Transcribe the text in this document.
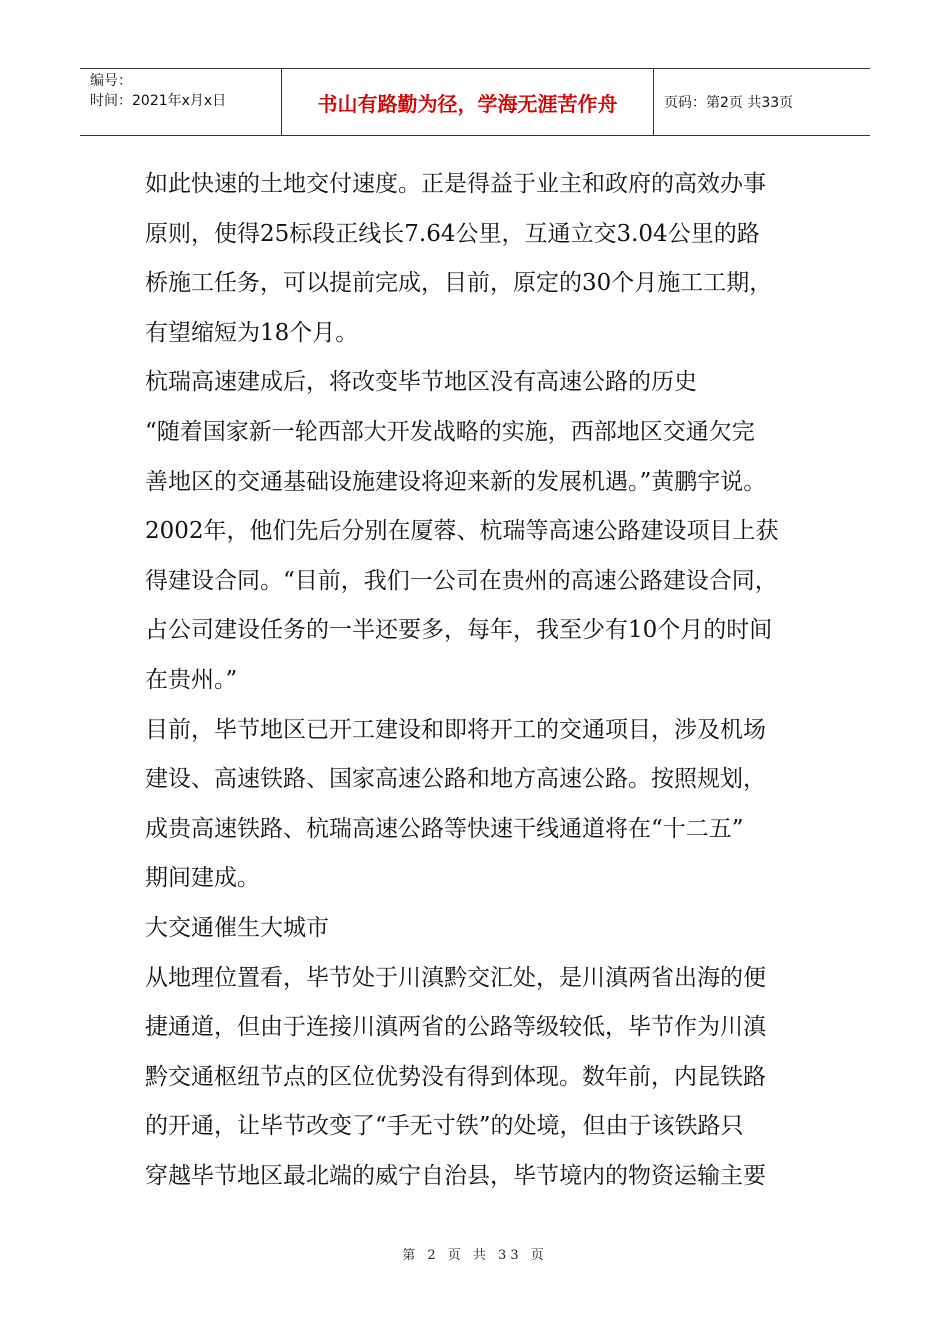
编号：
时间：2021年x月x日	书山有路勤为径，学海无涯苦作舟	页码：第2页 共33页
如此快速的土地交付速度。正是得益于业主和政府的高效办事
原则，使得25标段正线长7.64公里，互通立交3.04公里的路
桥施工任务，可以提前完成，目前，原定的30个月施工工期，
有望缩短为18个月。
杭瑞高速建成后，将改变毕节地区没有高速公路的历史
“随着国家新一轮西部大开发战略的实施，西部地区交通欠完
善地区的交通基础设施建设将迎来新的发展机遇。”黄鹏宇说。
2002年，他们先后分别在厦蓉、杭瑞等高速公路建设项目上获
得建设合同。“目前，我们一公司在贵州的高速公路建设合同，
占公司建设任务的一半还要多，每年，我至少有10个月的时间
在贵州。”
目前，毕节地区已开工建设和即将开工的交通项目，涉及机场
建设、高速铁路、国家高速公路和地方高速公路。按照规划，
成贵高速铁路、杭瑞高速公路等快速干线通道将在“十二五”
期间建成。
大交通催生大城市
从地理位置看，毕节处于川滇黔交汇处，是川滇两省出海的便
捷通道，但由于连接川滇两省的公路等级较低，毕节作为川滇
黔交通枢纽节点的区位优势没有得到体现。数年前，内昆铁路
的开通，让毕节改变了“手无寸铁”的处境，但由于该铁路只
穿越毕节地区最北端的威宁自治县，毕节境内的物资运输主要
第 2 页 共 33 页
